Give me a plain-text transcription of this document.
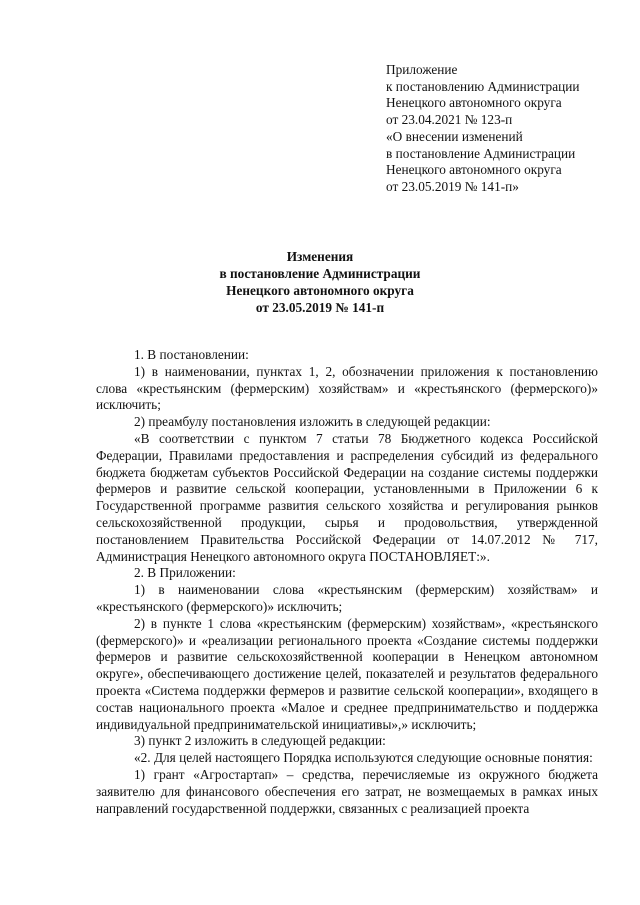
Приложение
к постановлению Администрации
Ненецкого автономного округа
от 23.04.2021 № 123-п
«О внесении изменений
в постановление Администрации
Ненецкого автономного округа
от 23.05.2019 № 141-п»
Изменения
в постановление Администрации
Ненецкого автономного округа
от 23.05.2019 № 141-п

1. В постановлении:

1) в наименовании, пунктах 1, 2, обозначении приложения к постановлению слова «крестьянским (фермерским) хозяйствам» и «крестьянского (фермерского)» исключить;

2) преамбулу постановления изложить в следующей редакции:

«В соответствии с пунктом 7 статьи 78 Бюджетного кодекса Российской Федерации, Правилами предоставления и распределения субсидий из федерального бюджета бюджетам субъектов Российской Федерации на создание системы поддержки фермеров и развитие сельской кооперации, установленными в Приложении 6 к Государственной программе развития сельского хозяйства и регулирования рынков сельскохозяйственной продукции, сырья и продовольствия, утвержденной постановлением Правительства Российской Федерации от 14.07.2012 № 717, Администрация Ненецкого автономного округа ПОСТАНОВЛЯЕТ:».

2. В Приложении:

1) в наименовании слова «крестьянским (фермерским) хозяйствам» и «крестьянского (фермерского)» исключить;

2) в пункте 1 слова «крестьянским (фермерским) хозяйствам», «крестьянского (фермерского)» и «реализации регионального проекта «Создание системы поддержки фермеров и развитие сельскохозяйственной кооперации в Ненецком автономном округе», обеспечивающего достижение целей, показателей и результатов федерального проекта «Система поддержки фермеров и развитие сельской кооперации», входящего в состав национального проекта «Малое и среднее предпринимательство и поддержка индивидуальной предпринимательской инициативы»,» исключить;

3) пункт 2 изложить в следующей редакции:

«2. Для целей настоящего Порядка используются следующие основные понятия:

1) грант «Агростартап» – средства, перечисляемые из окружного бюджета заявителю для финансового обеспечения его затрат, не возмещаемых в рамках иных направлений государственной поддержки, связанных с реализацией проекта
